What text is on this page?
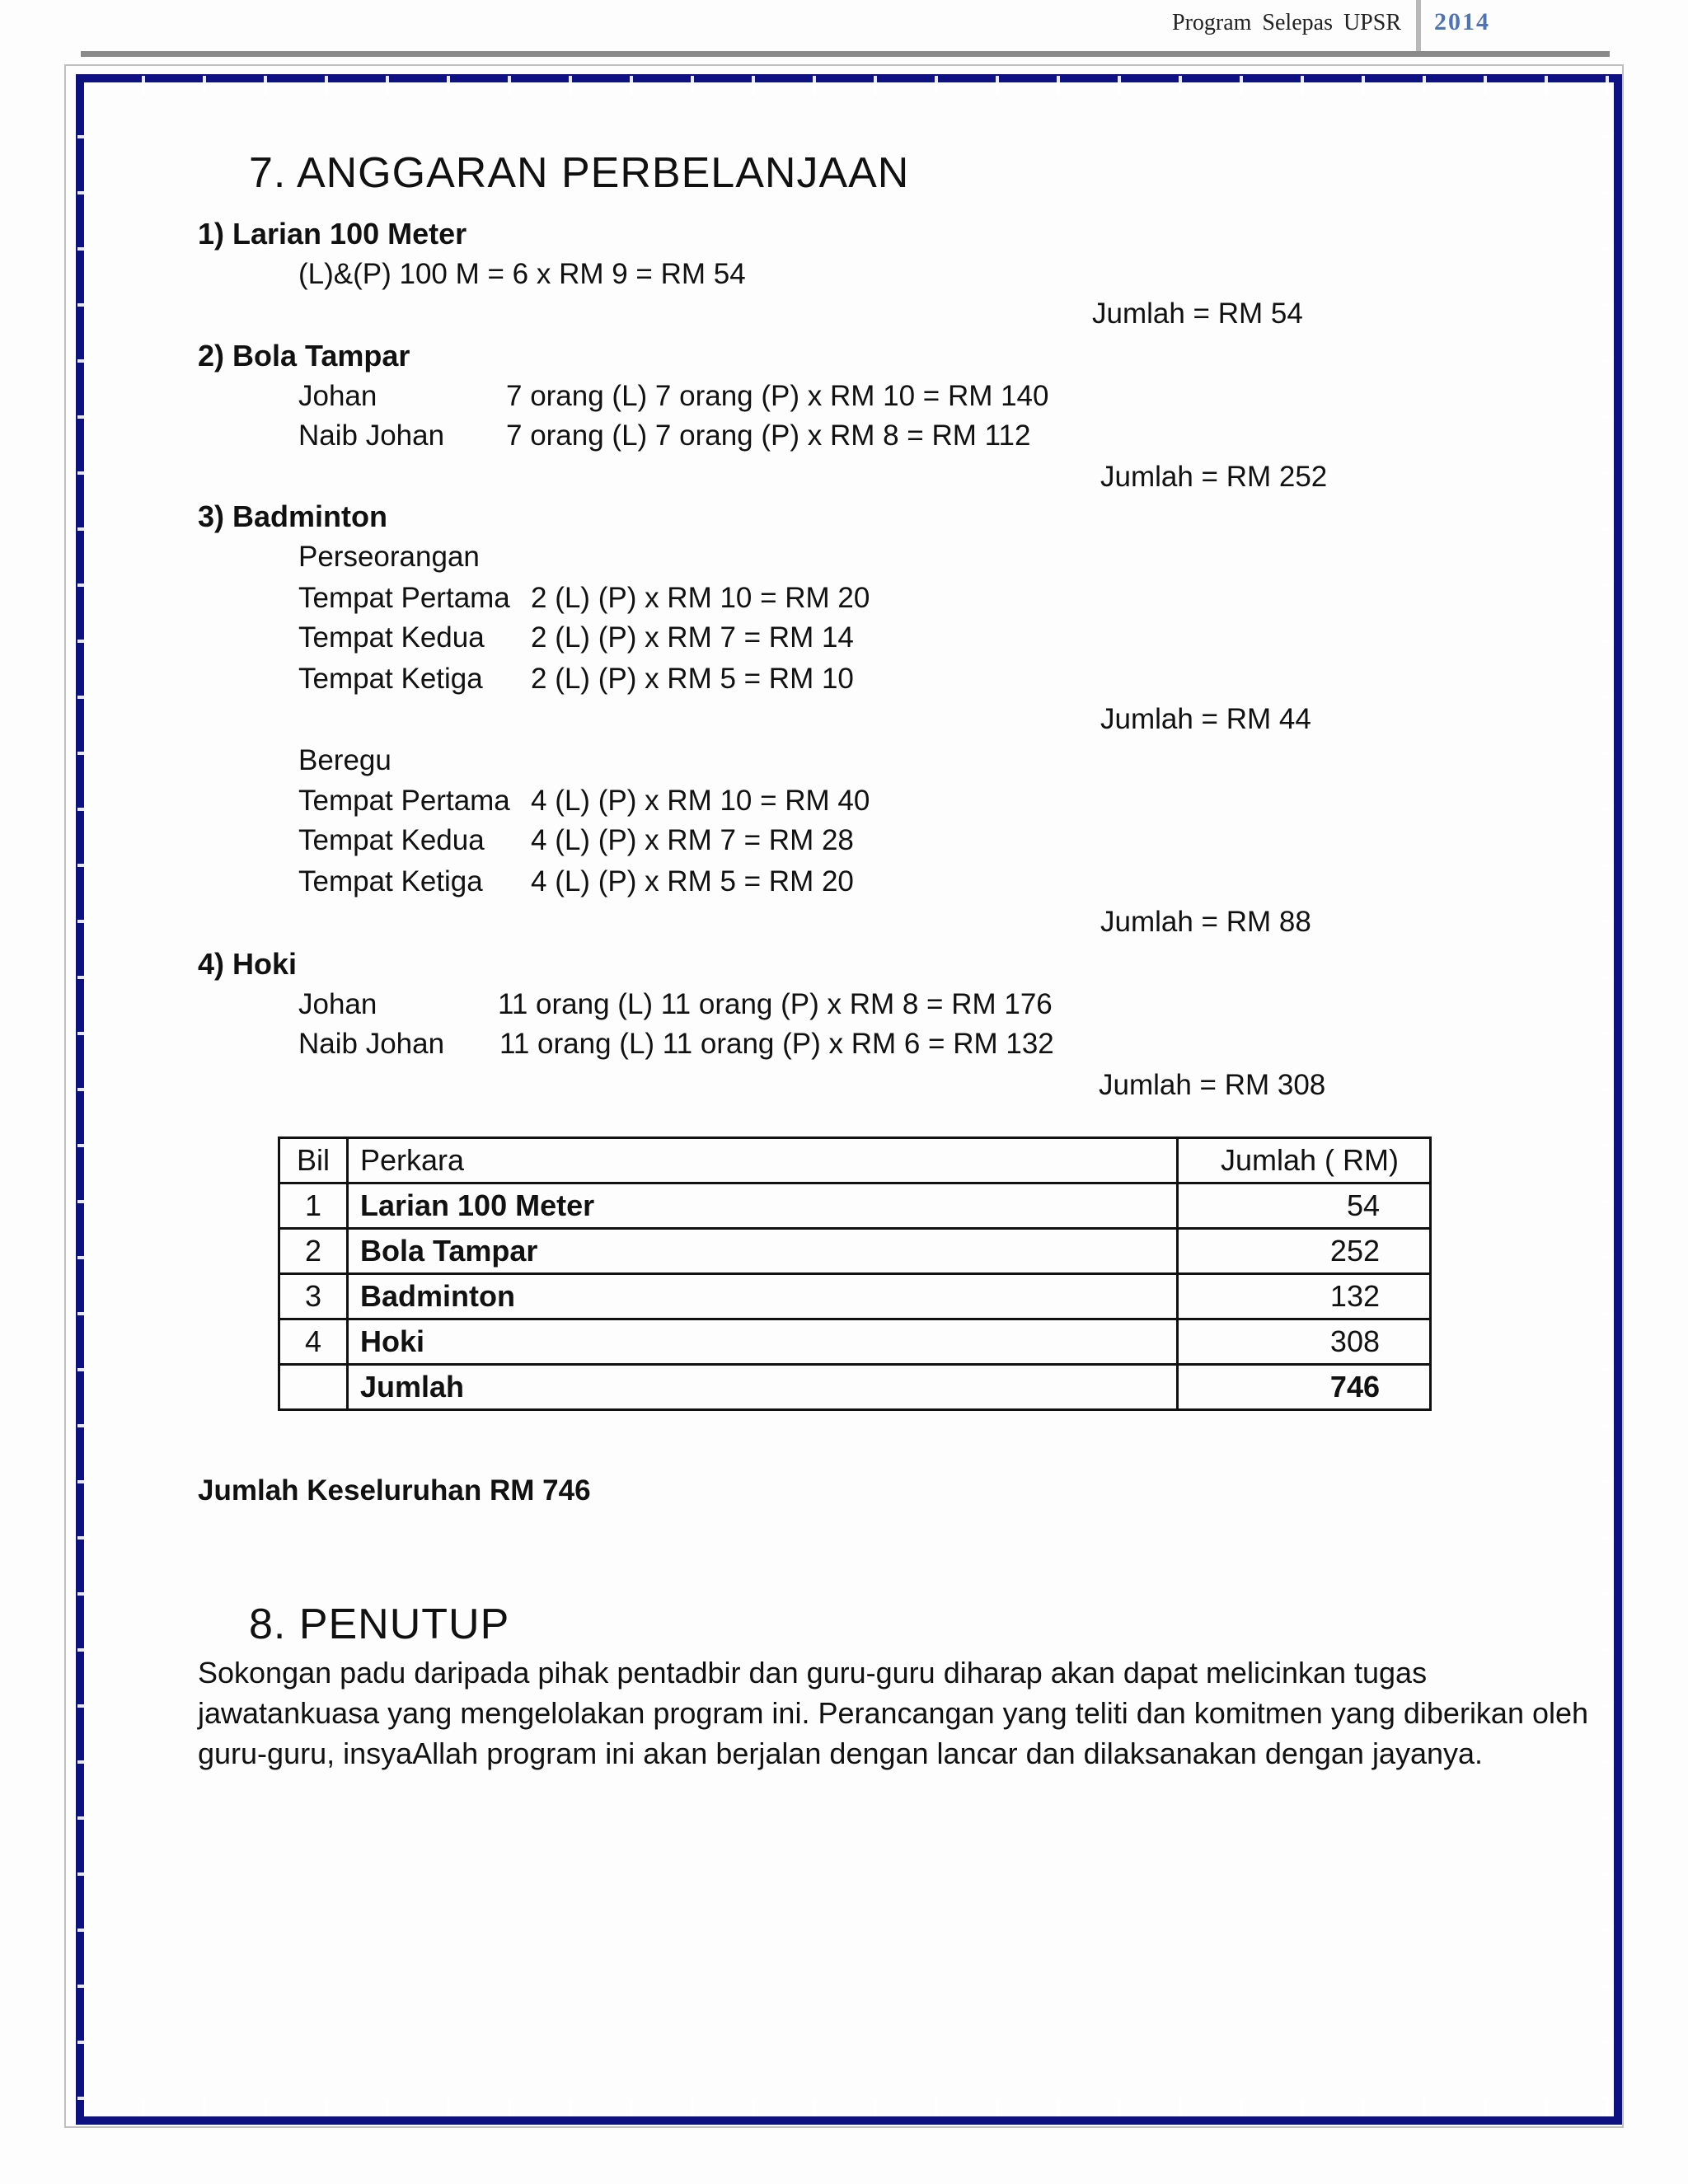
Program Selepas UPSR 2014
7. ANGGARAN PERBELANJAAN
1) Larian 100 Meter
(L)&(P) 100 M = 6 x RM 9 = RM 54
Jumlah = RM 54
2) Bola Tampar
Johan	7 orang (L) 7 orang (P) x RM 10 = RM 140
Naib Johan 7 orang (L) 7 orang (P) x RM 8 = RM 112
Jumlah = RM 252
3) Badminton
Perseorangan
Tempat Pertama 2 (L) (P) x RM 10 = RM 20
Tempat Kedua 2 (L) (P) x RM 7 = RM 14
Tempat Ketiga 2 (L) (P) x RM 5 = RM 10
Jumlah = RM 44
Beregu
Tempat Pertama 4 (L) (P) x RM 10 = RM 40
Tempat Kedua 4 (L) (P) x RM 7 = RM 28
Tempat Ketiga 4 (L) (P) x RM 5 = RM 20
Jumlah = RM 88
4) Hoki
Johan	11 orang (L) 11 orang (P) x RM 8 = RM 176
Naib Johan 11 orang (L) 11 orang (P) x RM 6 = RM 132
Jumlah = RM 308
Bil	Perkara	Jumlah ( RM)
1	Larian 100 Meter	54
2	Bola Tampar	252
3	Badminton	132
4	Hoki	308
	Jumlah	746
Jumlah Keseluruhan RM 746
8. PENUTUP
Sokongan padu daripada pihak pentadbir dan guru-guru diharap akan dapat melicinkan tugas jawatankuasa yang mengelolakan program ini. Perancangan yang teliti dan komitmen yang diberikan oleh guru-guru, insyaAllah program ini akan berjalan dengan lancar dan dilaksanakan dengan jayanya.
